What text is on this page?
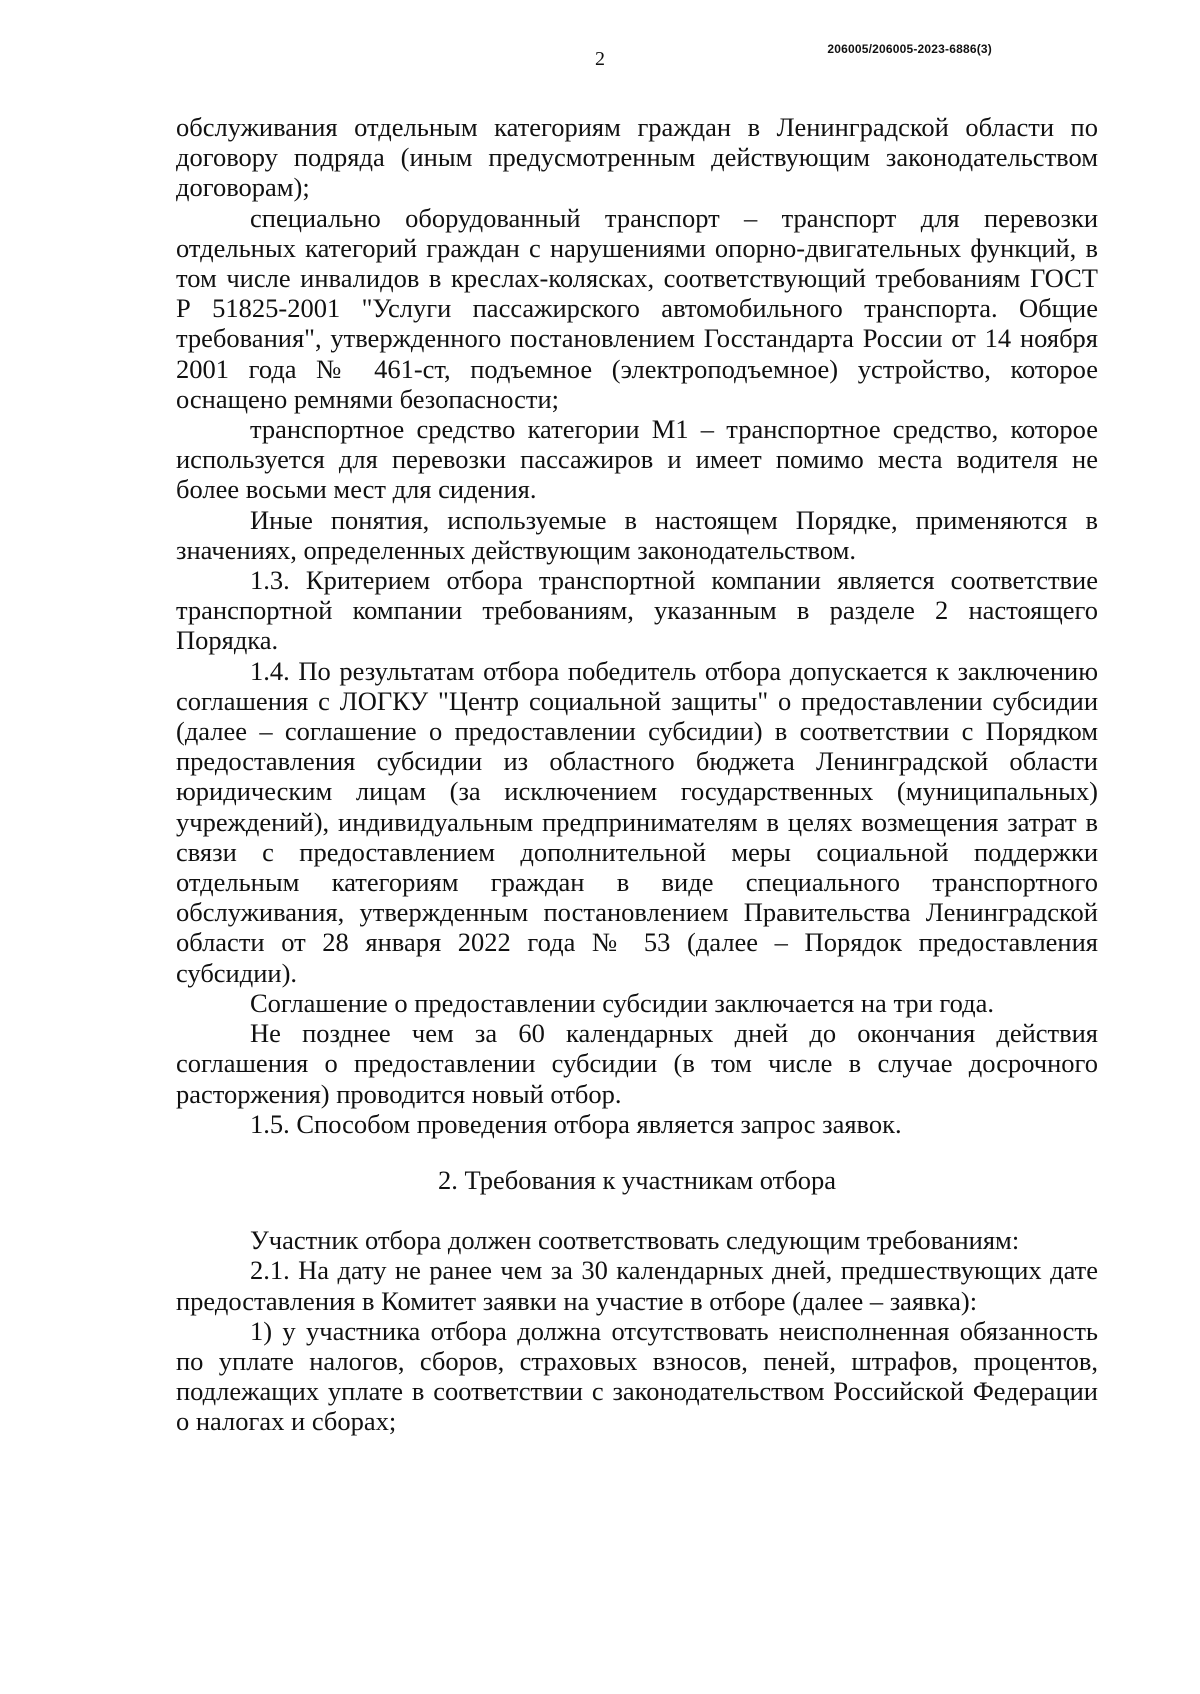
2	206005/206005-2023-6886(3)

обслуживания отдельным категориям граждан в Ленинградской области по договору подряда (иным предусмотренным действующим законодательством договорам);

специально оборудованный транспорт – транспорт для перевозки отдельных категорий граждан с нарушениями опорно-двигательных функций, в том числе инвалидов в креслах-колясках, соответствующий требованиям ГОСТ Р 51825-2001 "Услуги пассажирского автомобильного транспорта. Общие требования", утвержденного постановлением Госстандарта России от 14 ноября 2001 года № 461-ст, подъемное (электроподъемное) устройство, которое оснащено ремнями безопасности;

транспортное средство категории M1 – транспортное средство, которое используется для перевозки пассажиров и имеет помимо места водителя не более восьми мест для сидения.

Иные понятия, используемые в настоящем Порядке, применяются в значениях, определенных действующим законодательством.

1.3. Критерием отбора транспортной компании является соответствие транспортной компании требованиям, указанным в разделе 2 настоящего Порядка.

1.4. По результатам отбора победитель отбора допускается к заключению соглашения с ЛОГКУ "Центр социальной защиты" о предоставлении субсидии (далее – соглашение о предоставлении субсидии) в соответствии с Порядком предоставления субсидии из областного бюджета Ленинградской области юридическим лицам (за исключением государственных (муниципальных) учреждений), индивидуальным предпринимателям в целях возмещения затрат в связи с предоставлением дополнительной меры социальной поддержки отдельным категориям граждан в виде специального транспортного обслуживания, утвержденным постановлением Правительства Ленинградской области от 28 января 2022 года № 53 (далее – Порядок предоставления субсидии).

Соглашение о предоставлении субсидии заключается на три года.

Не позднее чем за 60 календарных дней до окончания действия соглашения о предоставлении субсидии (в том числе в случае досрочного расторжения) проводится новый отбор.

1.5. Способом проведения отбора является запрос заявок.

2. Требования к участникам отбора

Участник отбора должен соответствовать следующим требованиям:

2.1. На дату не ранее чем за 30 календарных дней, предшествующих дате предоставления в Комитет заявки на участие в отборе (далее – заявка):

1) у участника отбора должна отсутствовать неисполненная обязанность по уплате налогов, сборов, страховых взносов, пеней, штрафов, процентов, подлежащих уплате в соответствии с законодательством Российской Федерации о налогах и сборах;
